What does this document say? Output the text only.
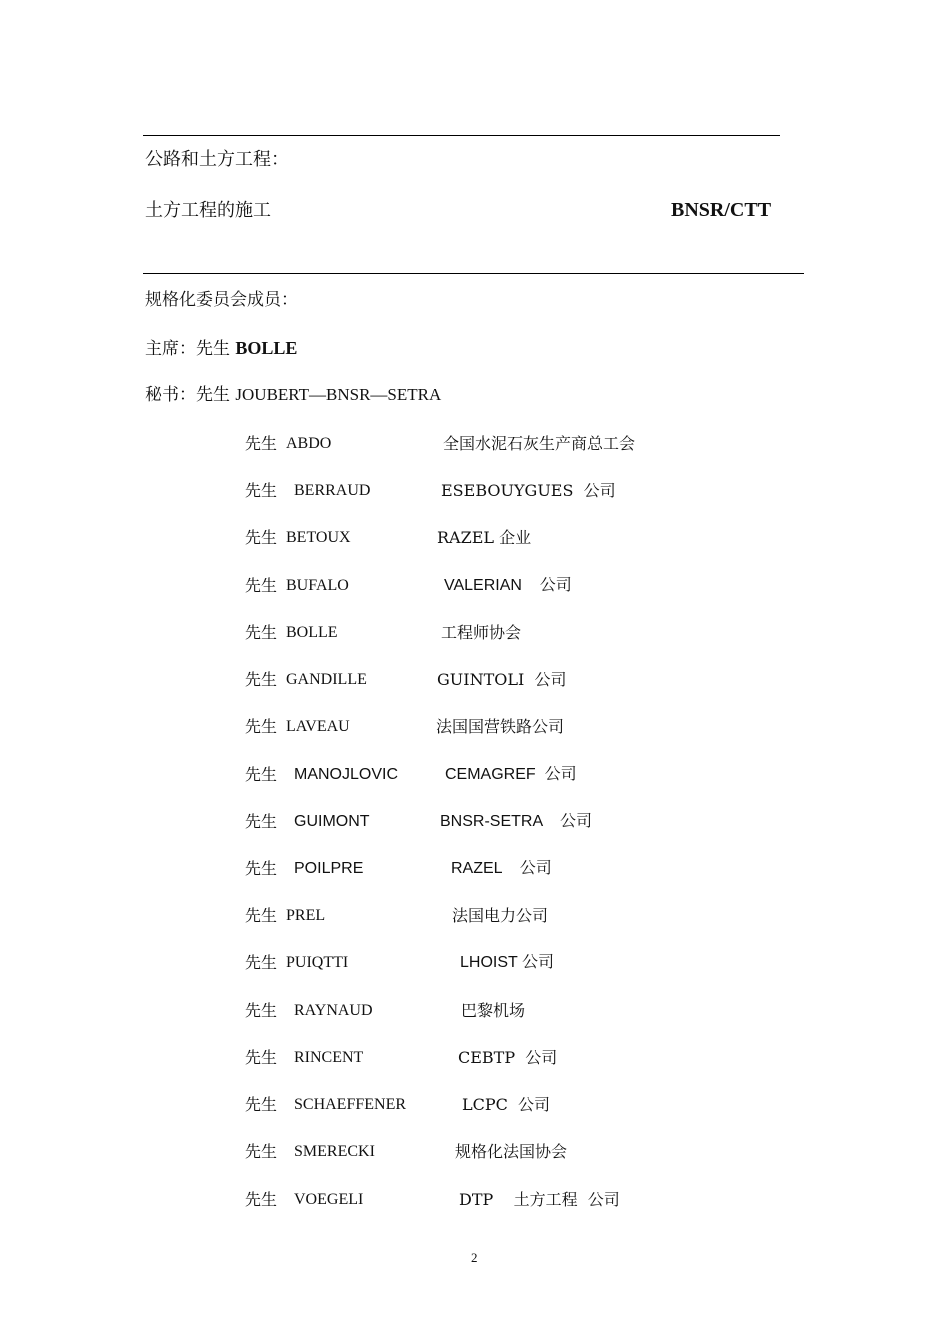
公路和土方工程：
土方工程的施工	BNSR/CTT
规格化委员会成员：
主席：先生 BOLLE
秘书：先生 JOUBERT—BNSR—SETRA
先生 ABDO	全国水泥石灰生产商总工会
先生 BERRAUD	ESEBOUYGUES  公司
先生 BETOUX	RAZEL 企业
先生 BUFALO	VALERIAN    公司
先生 BOLLE	工程师协会
先生 GANDILLE	GUINTOLI  公司
先生 LAVEAU	法国国营铁路公司
先生 MANOJLOVIC	CEMAGREF  公司
先生 GUIMONT	BNSR-SETRA    公司
先生 POILPRE	RAZEL    公司
先生 PREL	法国电力公司
先生 PUIQTTI	LHOIST 公司
先生 RAYNAUD	巴黎机场
先生 RINCENT	CEBTP  公司
先生 SCHAEFFENER	LCPC  公司
先生 SMERECKI	规格化法国协会
先生 VOEGELI	DTP    土方工程  公司
2
